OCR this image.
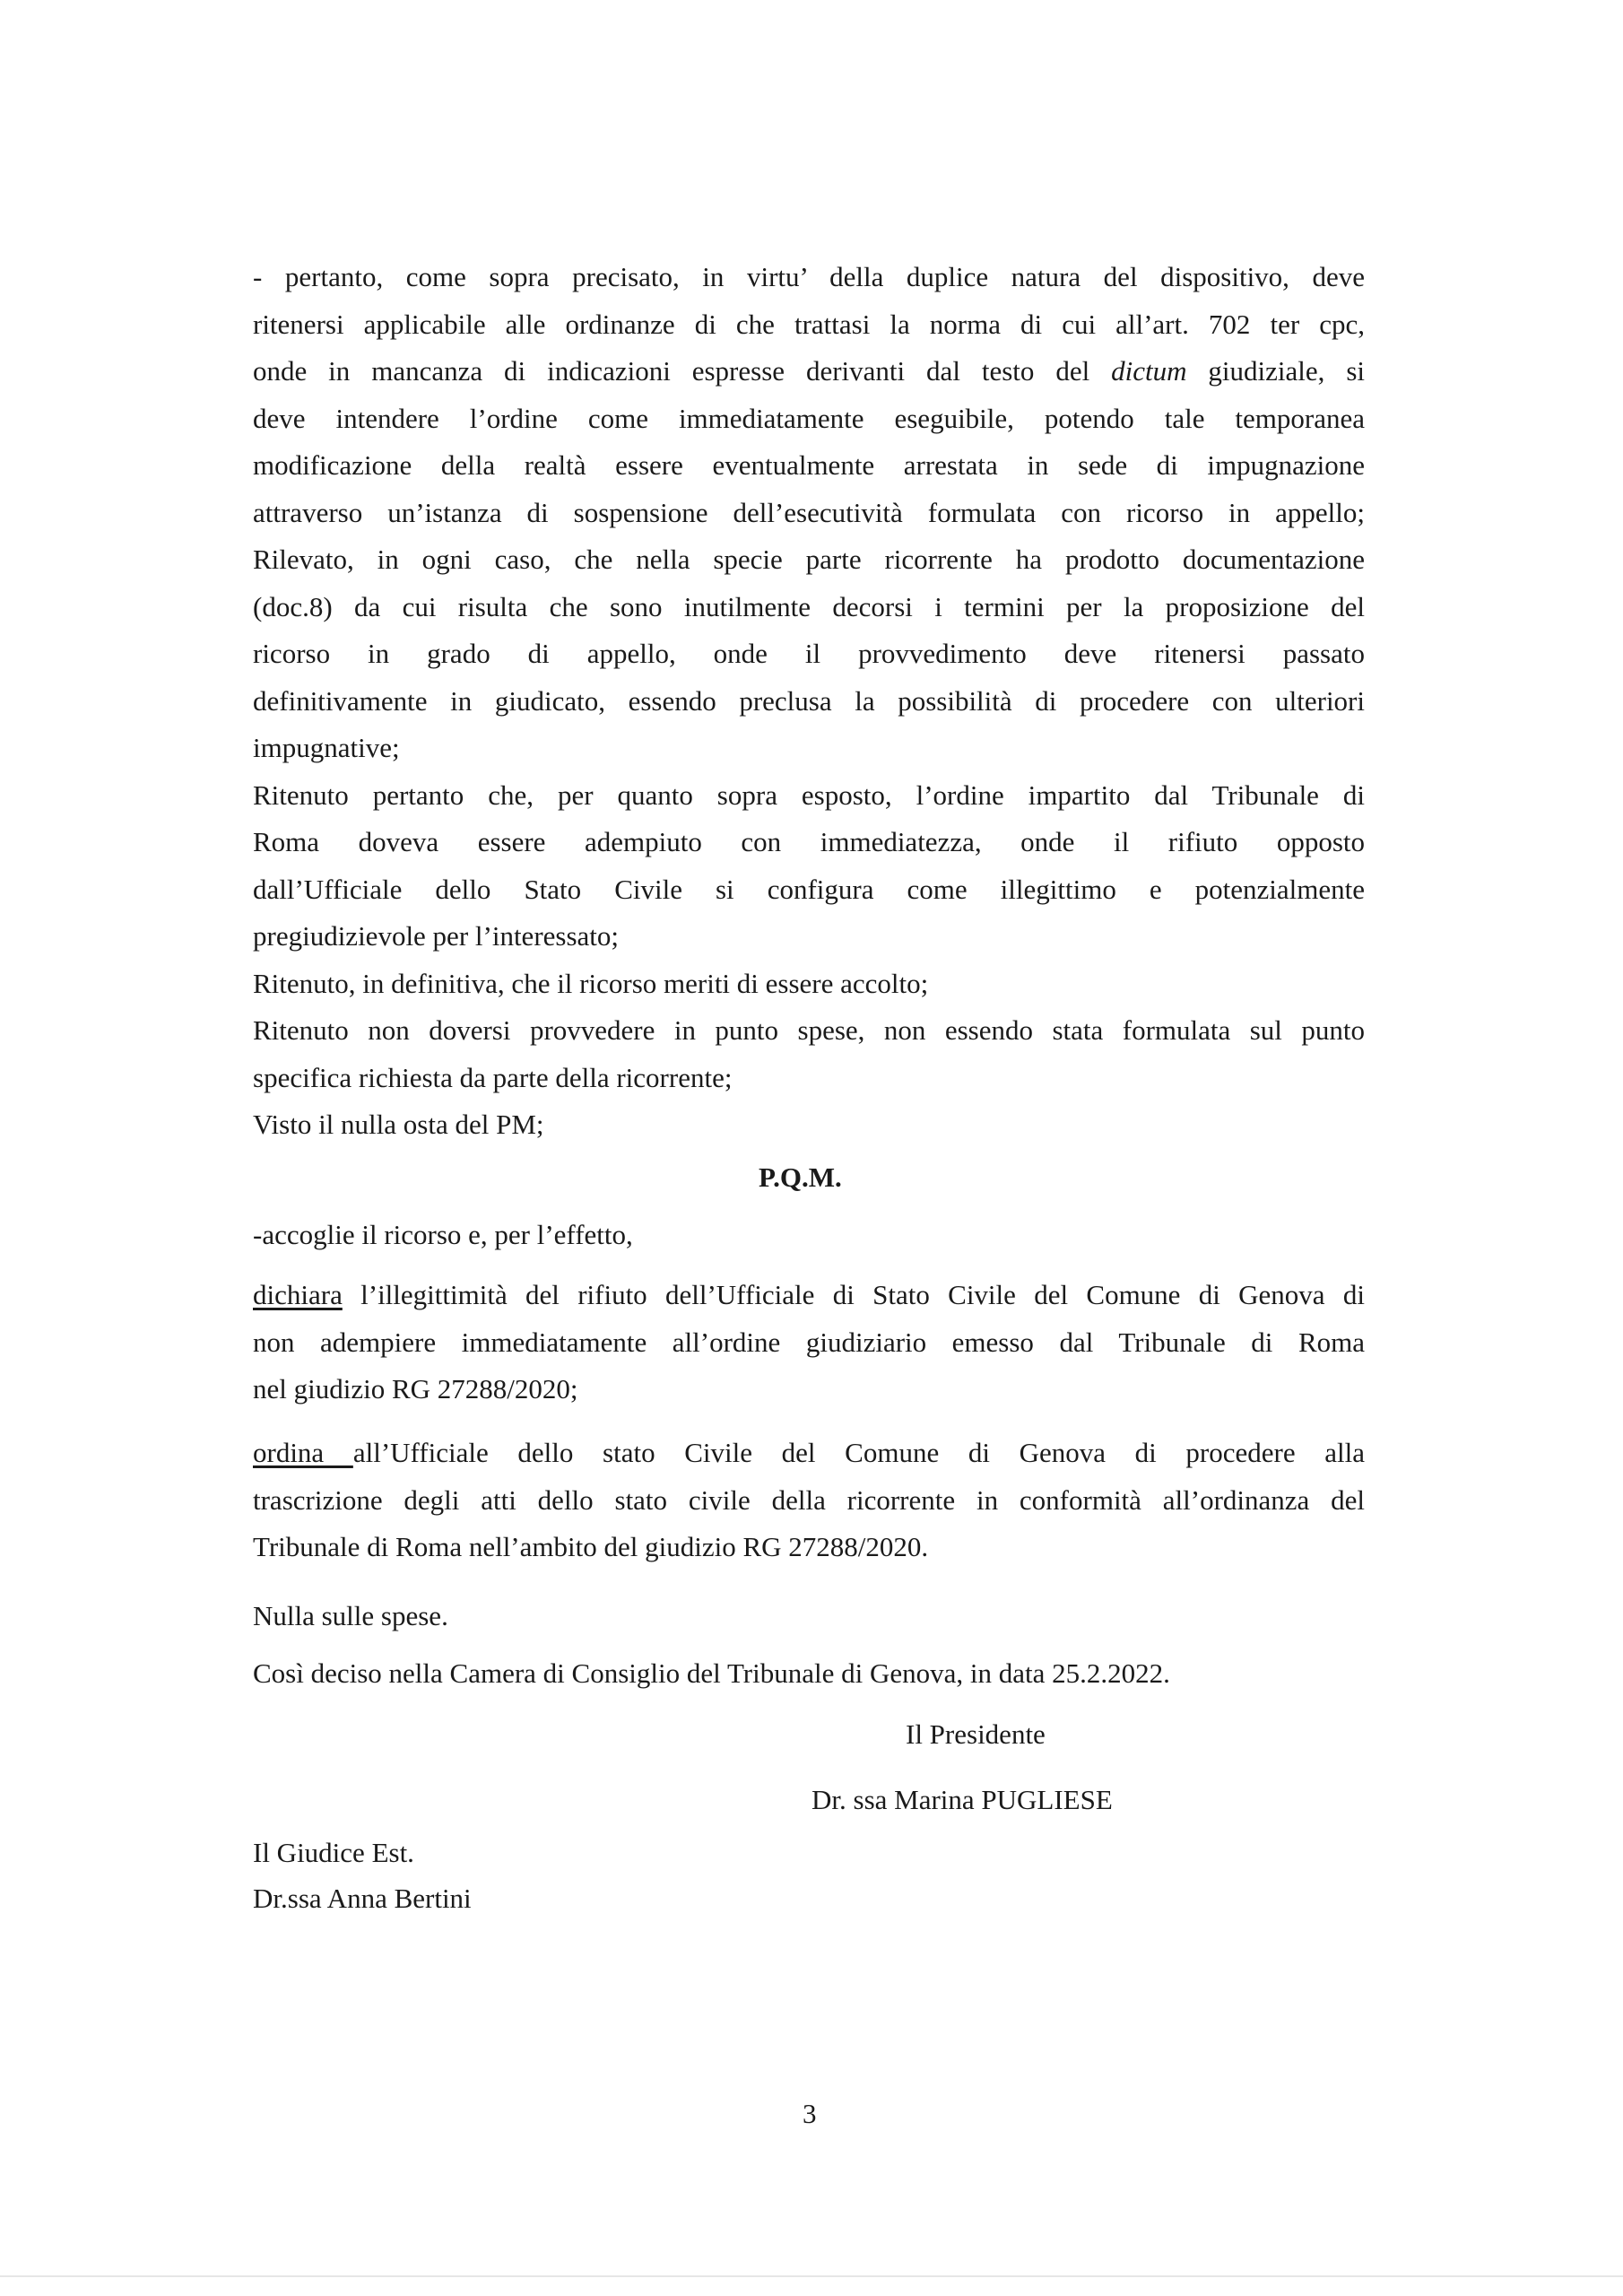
- pertanto, come sopra precisato, in virtu’ della duplice natura del dispositivo, deve
ritenersi applicabile alle ordinanze di che trattasi la norma di cui all’art. 702 ter cpc,
onde in mancanza di indicazioni espresse derivanti dal testo del dictum giudiziale, si
deve intendere l’ordine come immediatamente eseguibile, potendo tale temporanea
modificazione della realtà essere eventualmente arrestata in sede di impugnazione
attraverso un’istanza di sospensione dell’esecutività formulata con ricorso in appello;
Rilevato, in ogni caso, che nella specie parte ricorrente ha prodotto documentazione
(doc.8) da cui risulta che sono inutilmente decorsi i termini per la proposizione del
ricorso in grado di appello, onde il provvedimento deve ritenersi passato
definitivamente in giudicato, essendo preclusa la possibilità di procedere con ulteriori
impugnative;
Ritenuto pertanto che, per quanto sopra esposto, l’ordine impartito dal Tribunale di
Roma doveva essere adempiuto con immediatezza, onde il rifiuto opposto
dall’Ufficiale dello Stato Civile si configura come illegittimo e potenzialmente
pregiudizievole per l’interessato;
Ritenuto, in definitiva, che il ricorso meriti di essere accolto;
Ritenuto non doversi provvedere in punto spese, non essendo stata formulata sul punto
specifica richiesta da parte della ricorrente;
Visto il nulla osta del PM;
P.Q.M.
-accoglie il ricorso e, per l’effetto,
dichiara l’illegittimità del rifiuto dell’Ufficiale di Stato Civile del Comune di Genova di
non adempiere immediatamente all’ordine giudiziario emesso dal Tribunale di Roma
nel giudizio RG 27288/2020;
ordina all’Ufficiale dello stato Civile del Comune di Genova di procedere alla
trascrizione degli atti dello stato civile della ricorrente in conformità all’ordinanza del
Tribunale di Roma nell’ambito del giudizio RG 27288/2020.
Nulla sulle spese.
Così deciso nella Camera di Consiglio del Tribunale di Genova, in data 25.2.2022.
Il Presidente
Dr. ssa Marina PUGLIESE
Il Giudice Est.
Dr.ssa Anna Bertini
3
